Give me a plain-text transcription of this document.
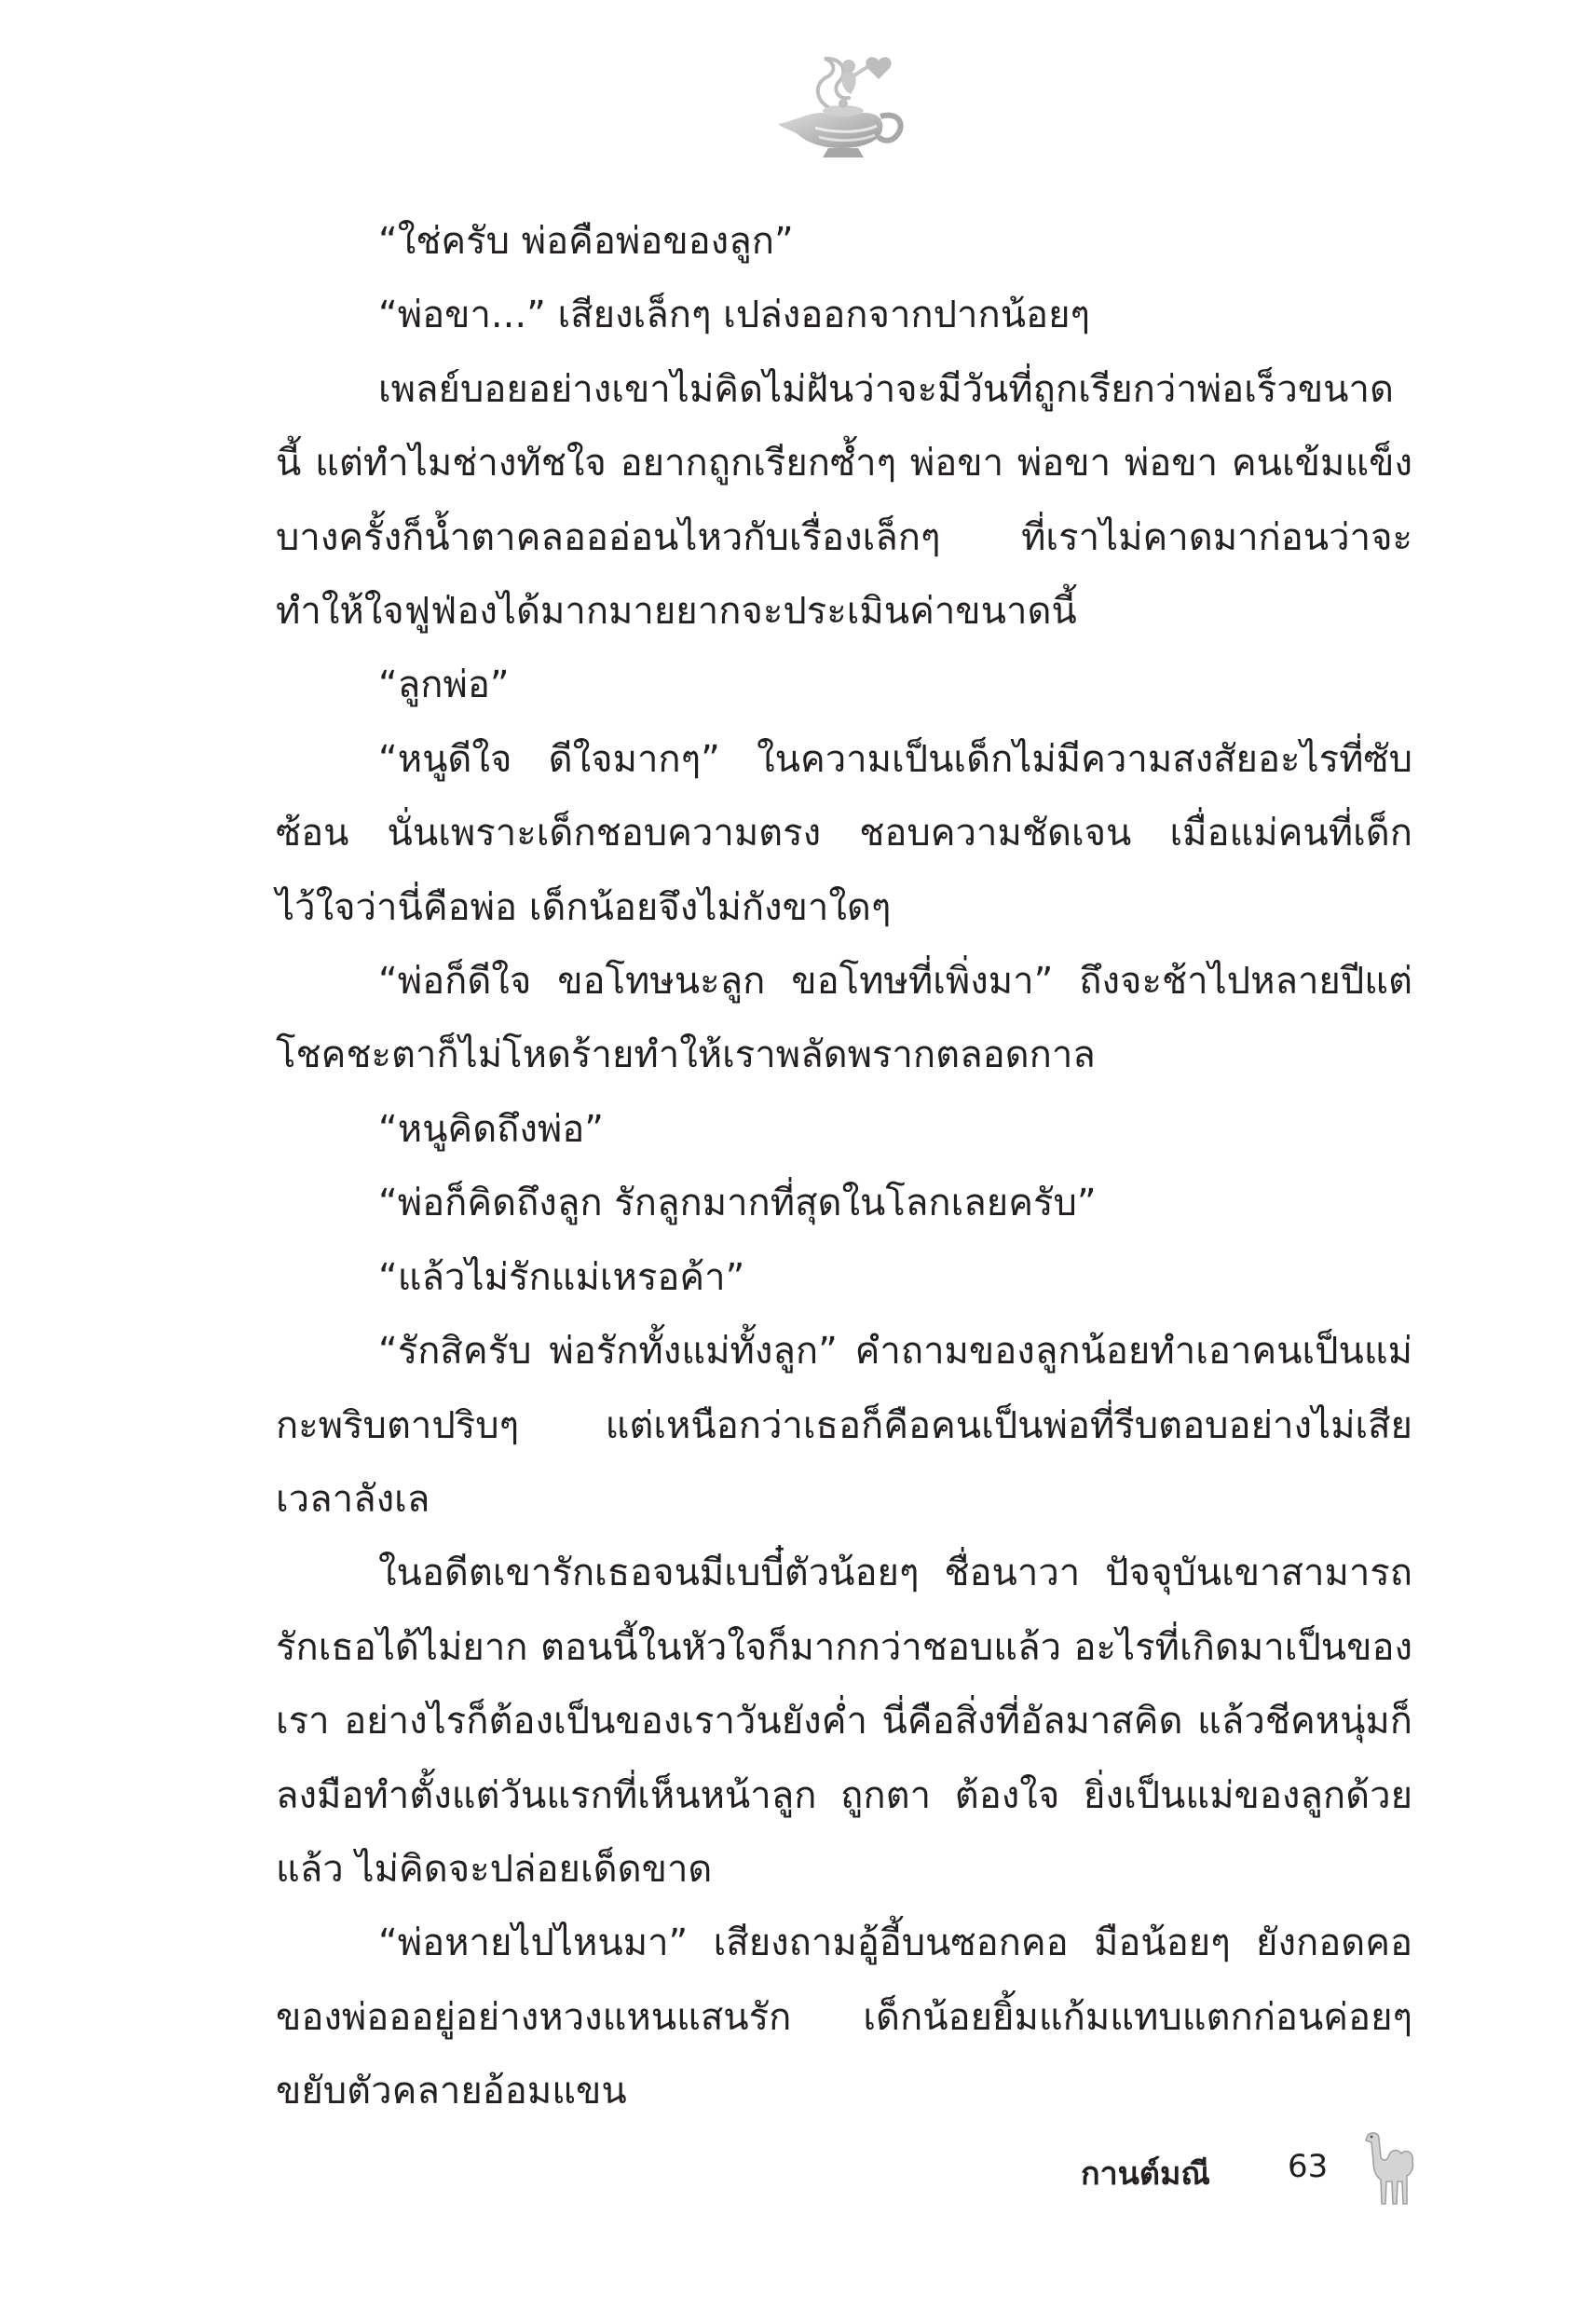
“ใช่ครับ พ่อคือพ่อของลูก”

“พ่อขา...” เสียงเล็กๆ เปล่งออกจากปากน้อยๆ

เพลย์บอยอย่างเขาไม่คิดไม่ฝันว่าจะมีวันที่ถูกเรียกว่าพ่อเร็วขนาดนี้ แต่ทำไมช่างทัชใจ อยากถูกเรียกซ้ำๆ พ่อขา พ่อขา พ่อขา คนเข้มแข็งบางครั้งก็น้ำตาคลอออ่อนไหวกับเรื่องเล็กๆ ที่เราไม่คาดมาก่อนว่าจะทำให้ใจฟูฟ่องได้มากมายยากจะประเมินค่าขนาดนี้

“ลูกพ่อ”

“หนูดีใจ ดีใจมากๆ” ในความเป็นเด็กไม่มีความสงสัยอะไรที่ซับซ้อน นั่นเพราะเด็กชอบความตรง ชอบความชัดเจน เมื่อแม่คนที่เด็กไว้ใจว่านี่คือพ่อ เด็กน้อยจึงไม่กังขาใดๆ

“พ่อก็ดีใจ ขอโทษนะลูก ขอโทษที่เพิ่งมา” ถึงจะช้าไปหลายปีแต่โชคชะตาก็ไม่โหดร้ายทำให้เราพลัดพรากตลอดกาล

“หนูคิดถึงพ่อ”

“พ่อก็คิดถึงลูก รักลูกมากที่สุดในโลกเลยครับ”

“แล้วไม่รักแม่เหรอค้า”

“รักสิครับ พ่อรักทั้งแม่ทั้งลูก” คำถามของลูกน้อยทำเอาคนเป็นแม่กะพริบตาปริบๆ แต่เหนือกว่าเธอก็คือคนเป็นพ่อที่รีบตอบอย่างไม่เสียเวลาลังเล

ในอดีตเขารักเธอจนมีเบบี๋ตัวน้อยๆ ชื่อนาวา ปัจจุบันเขาสามารถรักเธอได้ไม่ยาก ตอนนี้ในหัวใจก็มากกว่าชอบแล้ว อะไรที่เกิดมาเป็นของเรา อย่างไรก็ต้องเป็นของเราวันยังค่ำ นี่คือสิ่งที่อัลมาสคิด แล้วชีคหนุ่มก็ลงมือทำตั้งแต่วันแรกที่เห็นหน้าลูก ถูกตา ต้องใจ ยิ่งเป็นแม่ของลูกด้วยแล้ว ไม่คิดจะปล่อยเด็ดขาด

“พ่อหายไปไหนมา” เสียงถามอู้อี้บนซอกคอ มือน้อยๆ ยังกอดคอของพ่อออยู่อย่างหวงแหนแสนรัก เด็กน้อยยิ้มแก้มแทบแตกก่อนค่อยๆ ขยับตัวคลายอ้อมแขน

กานต์มณี 63
